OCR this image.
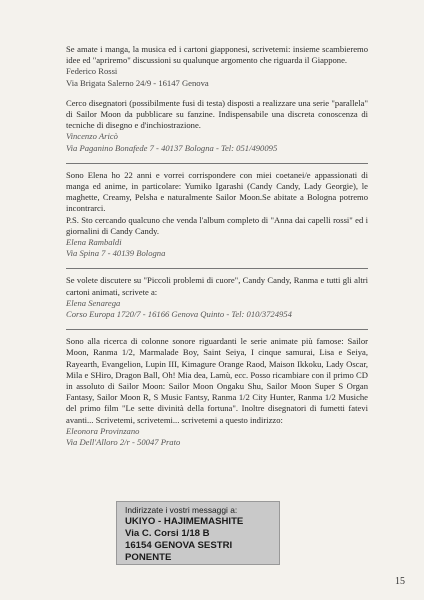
Se amate i manga, la musica ed i cartoni giapponesi, scrivetemi: insieme scambieremo idee ed "apriremo" discussioni su qualunque argomento che riguarda il Giappone.

Federico Rossi

Via Brigata Salerno 24/9 - 16147 Genova

Cerco disegnatori (possibilmente fusi di testa) disposti a realizzare una serie "parallela" di Sailor Moon da pubblicare su fanzine. Indispensabile una discreta conoscenza di tecniche di disegno e d'inchiostrazione.

Vincenzo Aricò

Via Paganino Bonafede 7 - 40137 Bologna - Tel: 051/490095

Sono Elena ho 22 anni e vorrei corrispondere con miei coetanei/e appassionati di manga ed anime, in particolare: Yumiko Igarashi (Candy Candy, Lady Georgie), le maghette, Creamy, Pelsha e naturalmente Sailor Moon.Se abitate a Bologna potremo incontrarci.

P.S. Sto cercando qualcuno che venda l'album completo di "Anna dai capelli rossi" ed i giornalini di Candy Candy.

Elena Rambaldi

Via Spina 7 - 40139 Bologna

Se volete discutere su "Piccoli problemi di cuore", Candy Candy, Ranma e tutti gli altri cartoni animati, scrivete a:

Elena Senarega

Corso Europa 1720/7 - 16166 Genova Quinto - Tel: 010/3724954

Sono alla ricerca di colonne sonore riguardanti le serie animate più famose: Sailor Moon, Ranma 1/2, Marmalade Boy, Saint Seiya, I cinque samurai, Lisa e Seiya, Rayearth, Evangelion, Lupin III, Kimagure Orange Raod, Maison Ikkoku, Lady Oscar, Mila e SHiro, Dragon Ball, Oh! Mia dea, Lamù, ecc. Posso ricambiare con il primo CD in assoluto di Sailor Moon: Sailor Moon Ongaku Shu, Sailor Moon Super S Organ Fantasy, Sailor Moon R, S Music Fantsy, Ranma 1/2 City Hunter, Ranma 1/2 Musiche del primo film "Le sette divinità della fortuna". Inoltre disegnatori di fumetti fatevi avanti... Scrivetemi, scrivetemi... scrivetemi a questo indirizzo:

Eleonora Provinzano

Via Dell'Alloro 2/r - 50047 Prato

Indirizzate i vostri messaggi a:
UKIYO - HAJIMEMASHITE
Via C. Corsi 1/18 B
16154 GENOVA SESTRI PONENTE
15
